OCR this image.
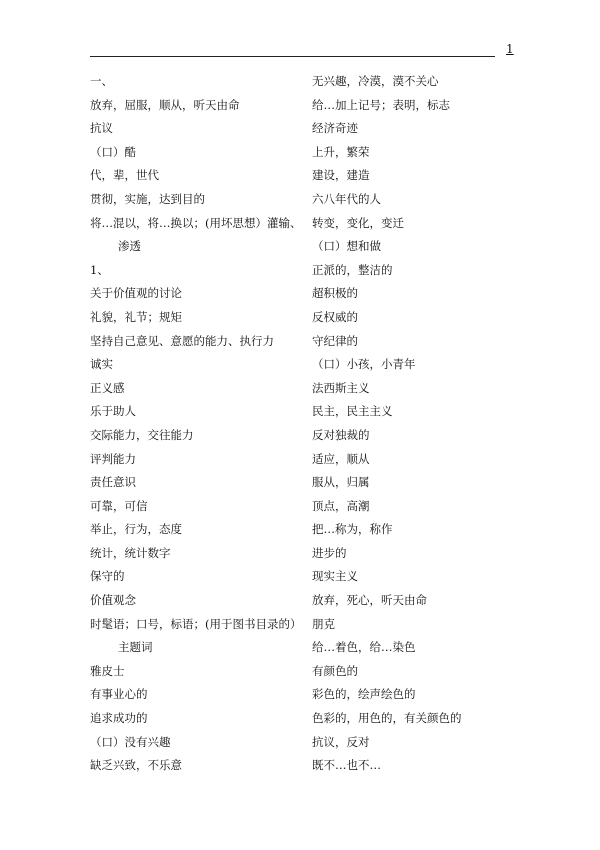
1
一、
放弃，屈服，顺从，听天由命
抗议
（口）酷
代，辈，世代
贯彻，实施，达到目的
将…混以，将…换以；(用坏思想）灌输、
渗透
1、
关于价值观的讨论
礼貌，礼节；规矩
坚持自己意见、意愿的能力、执行力
诚实
正义感
乐于助人
交际能力，交往能力
评判能力
责任意识
可靠，可信
举止，行为，态度
统计，统计数字
保守的
价值观念
时髦语；口号，标语；(用于图书目录的）
主题词
雅皮士
有事业心的
追求成功的
（口）没有兴趣
缺乏兴致，不乐意
无兴趣，冷漠，漠不关心
给…加上记号；表明，标志
经济奇迹
上升，繁荣
建设，建造
六八年代的人
转变，变化，变迁
（口）想和做
正派的，整洁的
超积极的
反权威的
守纪律的
（口）小孩，小青年
法西斯主义
民主，民主主义
反对独裁的
适应，顺从
服从，归属
顶点，高潮
把…称为，称作
进步的
现实主义
放弃，死心，听天由命
朋克
给…着色，给…染色
有颜色的
彩色的，绘声绘色的
色彩的，用色的，有关颜色的
抗议，反对
既不…也不…
